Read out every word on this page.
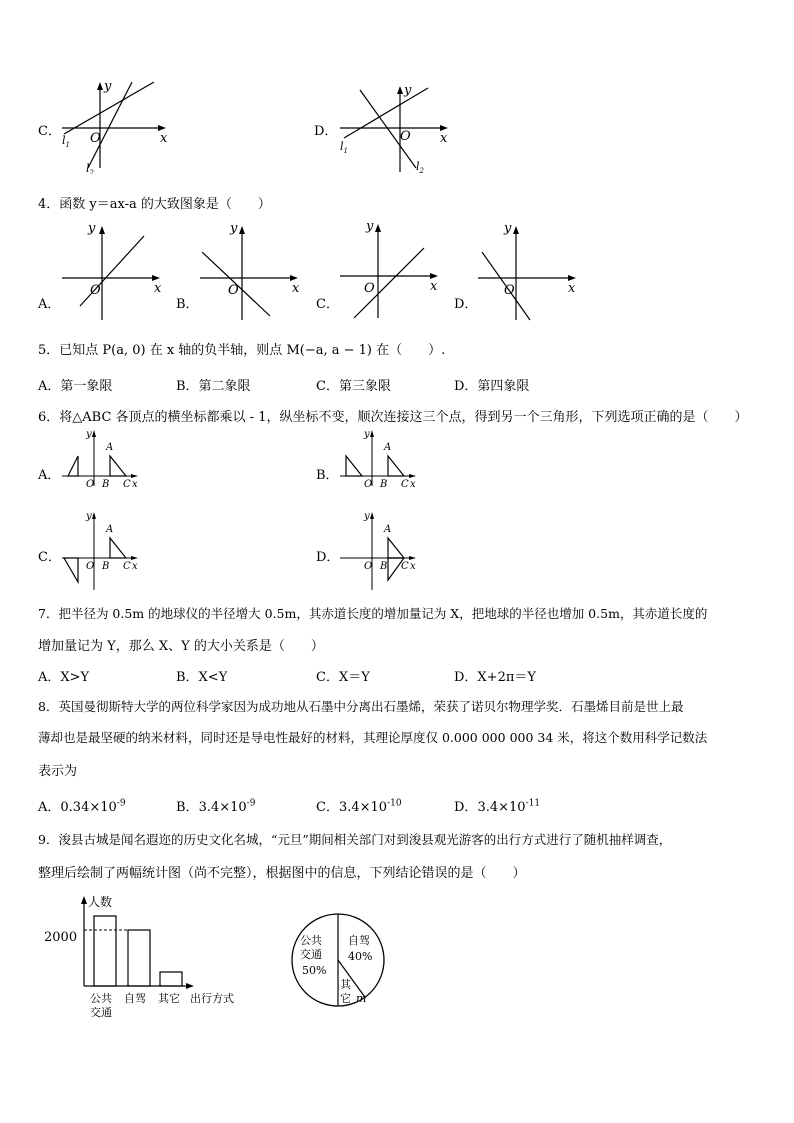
C．
y
x
O
$l_1$
$l_2$
D．
y
x
O
$l_1$
$l_2$
4．函数 y＝ax-a 的大致图象是（　　）
A．
y
x
O
B．
y
x
O
C．
y
x
O
D．
y
x
O
5．已知点 P(a, 0) 在 x 轴的负半轴，则点 M(−a, a − 1) 在（　　）.
A．第一象限	B．第二象限	C．第三象限	D．第四象限
6．将△ABC 各顶点的横坐标都乘以 - 1，纵坐标不变，顺次连接这三个点，得到另一个三角形，下列选项正确的是（　　）
A．
y
A
O B C x
B．
y
A
O B C x
C．
y
A
O B C x
D．
y
A
O B C x
7．把半径为 0.5m 的地球仪的半径增大 0.5m，其赤道长度的增加量记为 X，把地球的半径也增加 0.5m，其赤道长度的
增加量记为 Y，那么 X、Y 的大小关系是（　　）
A．X>Y	B．X<Y	C．X＝Y	D．X+2π＝Y
8．英国曼彻斯特大学的两位科学家因为成功地从石墨中分离出石墨烯，荣获了诺贝尔物理学奖．石墨烯目前是世上最
薄却也是最坚硬的纳米材料，同时还是导电性最好的材料，其理论厚度仅 0.000 000 000 34 米，将这个数用科学记数法
表示为
A．$0.34\times 10^{-9}$	B．$3.4\times 10^{-9}$	C．$3.4\times 10^{-10}$	D．$3.4\times 10^{-11}$
9．浚县古城是闻名遐迩的历史文化名城，“元旦”期间相关部门对到浚县观光游客的出行方式进行了随机抽样调查，
整理后绘制了两幅统计图（尚不完整），根据图中的信息，下列结论错误的是（　　）
人数
2000
公共
交通
自驾 其它 出行方式
公共
交通
50%
自驾
40%
其
它 m
